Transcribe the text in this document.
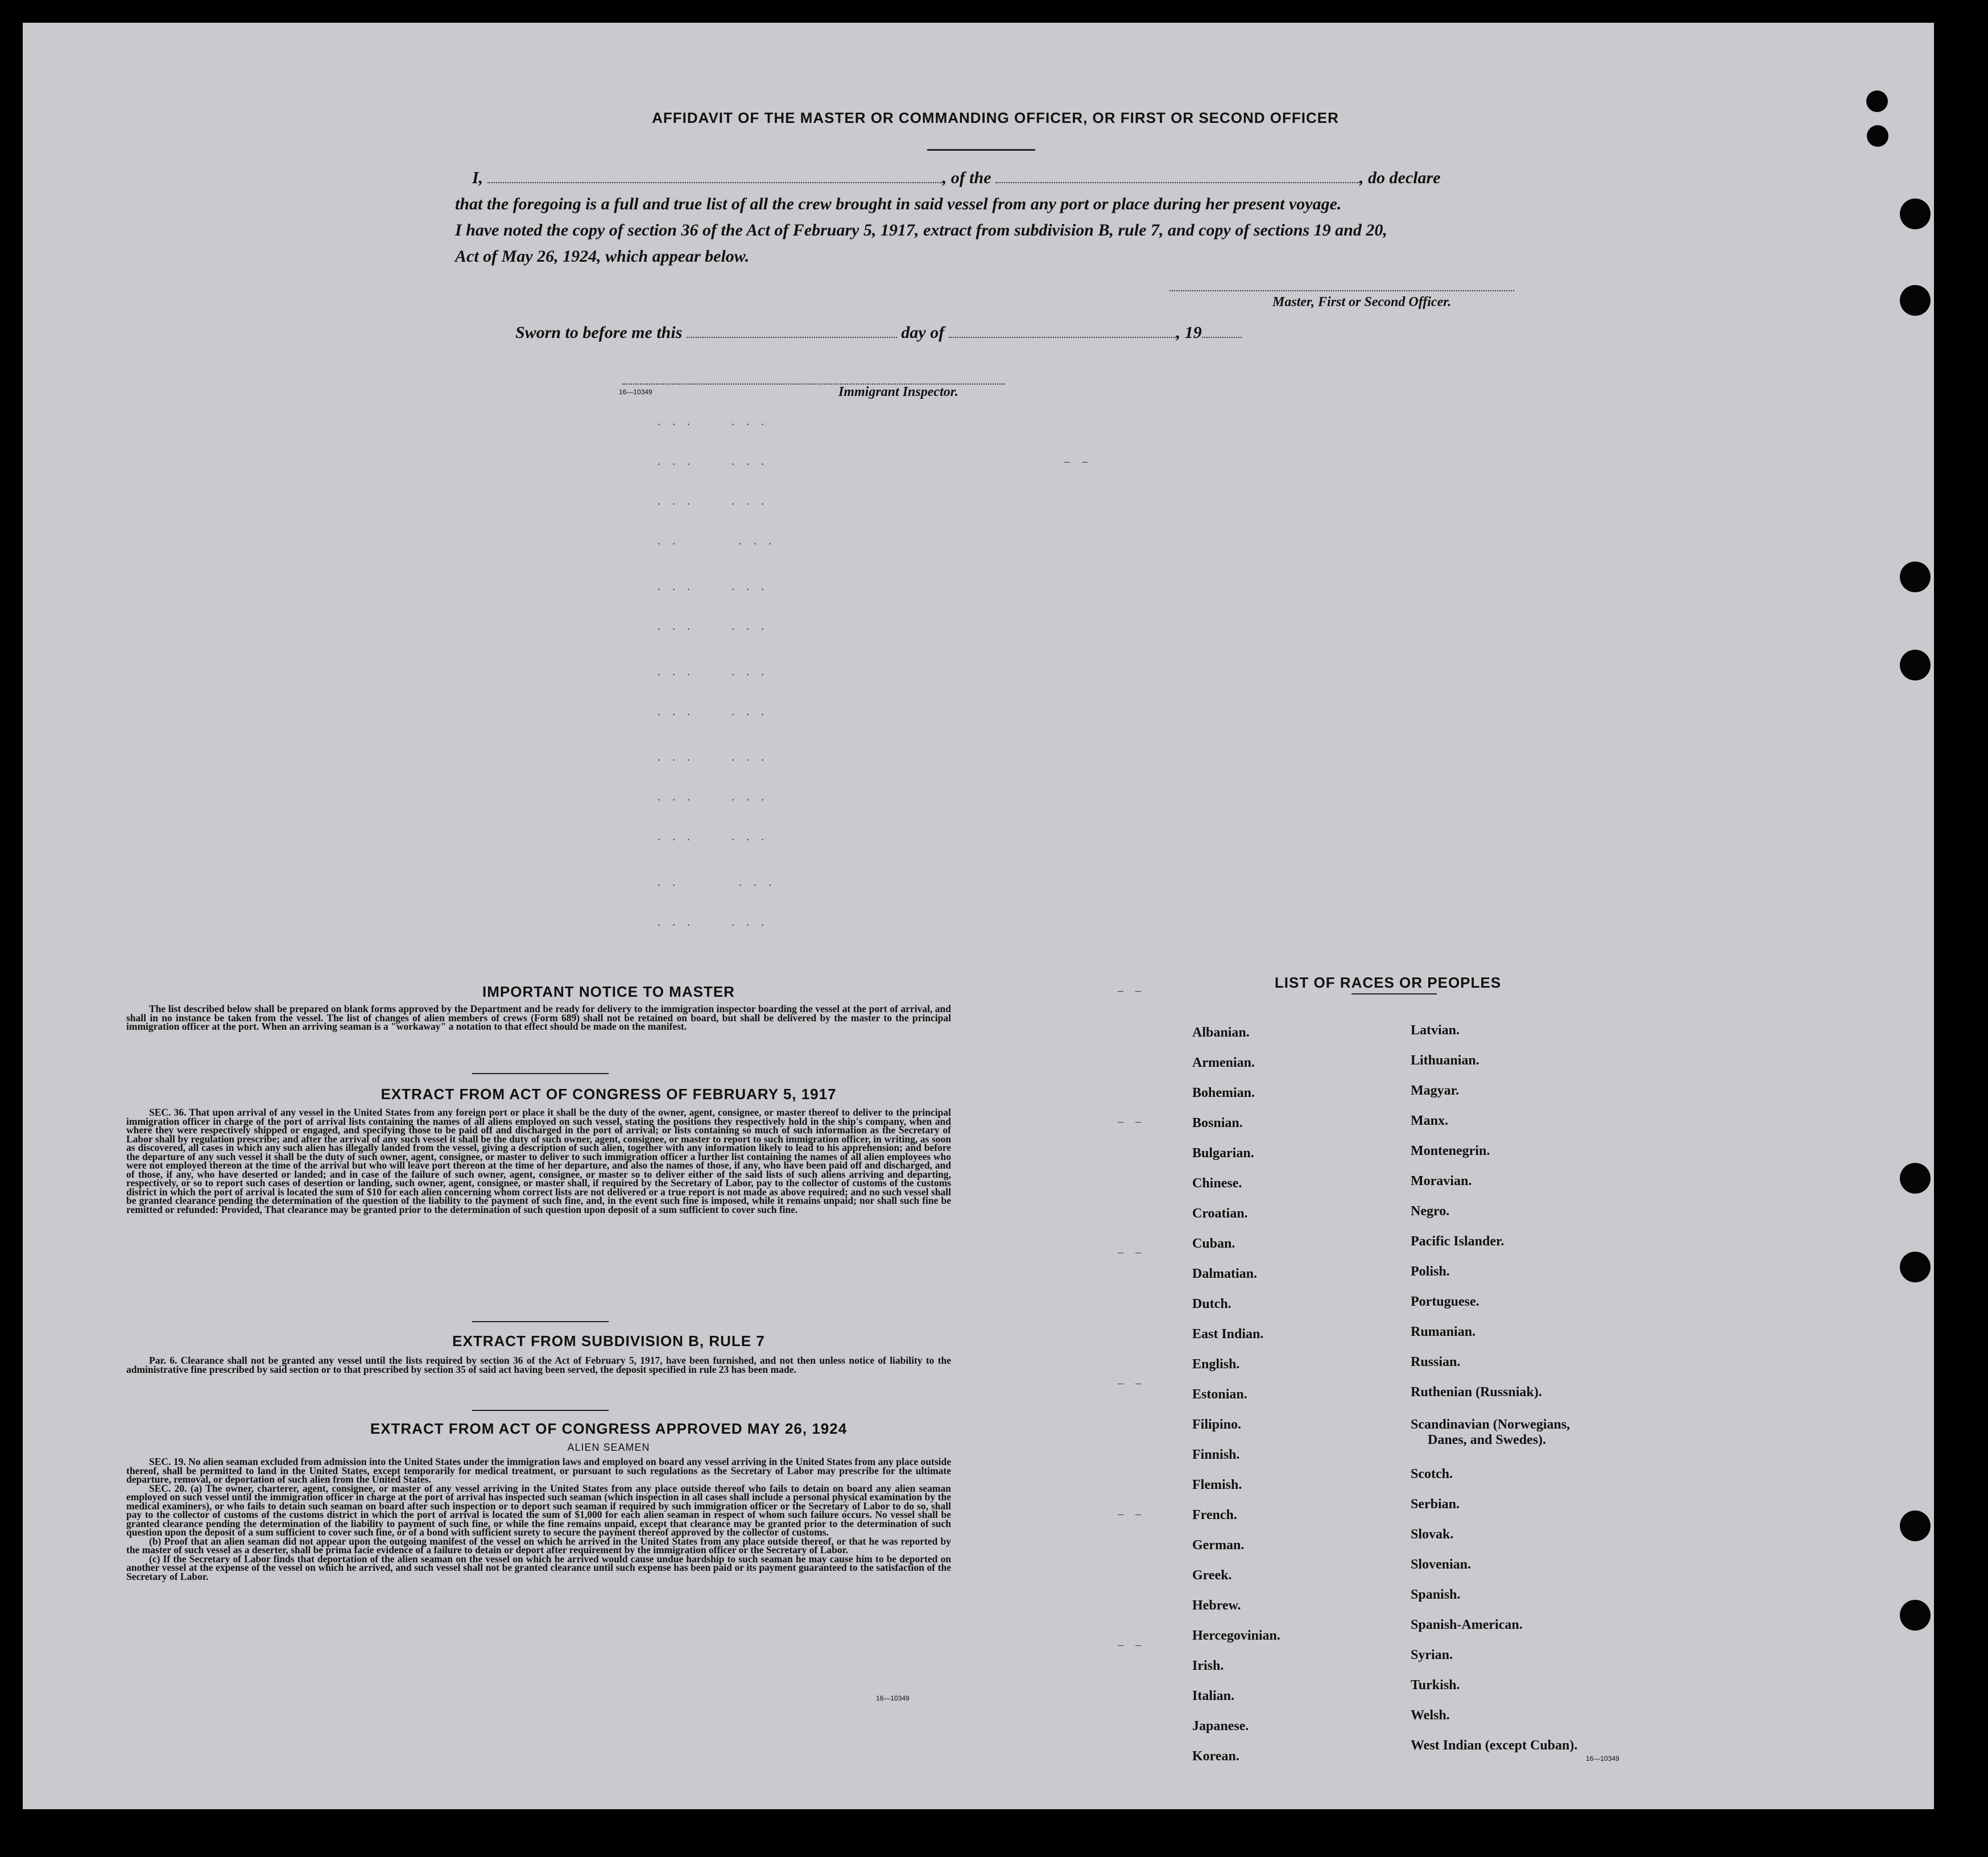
AFFIDAVIT OF THE MASTER OR COMMANDING OFFICER, OR FIRST OR SECOND OFFICER
I,	, of the	, do declare
that the foregoing is a full and true list of all the crew brought in said vessel from any port or place during her present voyage.
I have noted the copy of section 36 of the Act of February 5, 1917, extract from subdivision B, rule 7, and copy of sections 19 and 20,
Act of May 26, 1924, which appear below.
Master, First or Second Officer.
Sworn to before me this	day of	, 19
16—10349	Immigrant Inspector.
. . .     . . .
. . .     . . .                                        – –
. . .     . . .
. .        . . .
. . .     . . .
. . .     . . .
. . .     . . .
. . .     . . .
. . .     . . .
. . .     . . .
. . .     . . .
. .        . . .
. . .     . . .
– –
– –
– –
– –
– –
– –
IMPORTANT NOTICE TO MASTER

The list described below shall be prepared on blank forms approved by the Department and be ready for delivery to the immigration inspector boarding the vessel at the port of arrival, and shall in no instance be taken from the vessel. The list of changes of alien members of crews (Form 689) shall not be retained on board, but shall be delivered by the master to the principal immigration officer at the port. When an arriving seaman is a "workaway" a notation to that effect should be made on the manifest.

EXTRACT FROM ACT OF CONGRESS OF FEBRUARY 5, 1917

SEC. 36. That upon arrival of any vessel in the United States from any foreign port or place it shall be the duty of the owner, agent, consignee, or master thereof to deliver to the principal immigration officer in charge of the port of arrival lists containing the names of all aliens employed on such vessel, stating the positions they respectively hold in the ship's company, when and where they were respectively shipped or engaged, and specifying those to be paid off and discharged in the port of arrival; or lists containing so much of such information as the Secretary of Labor shall by regulation prescribe; and after the arrival of any such vessel it shall be the duty of such owner, agent, consignee, or master to report to such immigration officer, in writing, as soon as discovered, all cases in which any such alien has illegally landed from the vessel, giving a description of such alien, together with any information likely to lead to his apprehension; and before the departure of any such vessel it shall be the duty of such owner, agent, consignee, or master to deliver to such immigration officer a further list containing the names of all alien employees who were not employed thereon at the time of the arrival but who will leave port thereon at the time of her departure, and also the names of those, if any, who have been paid off and discharged, and of those, if any, who have deserted or landed; and in case of the failure of such owner, agent, consignee, or master so to deliver either of the said lists of such aliens arriving and departing, respectively, or so to report such cases of desertion or landing, such owner, agent, consignee, or master shall, if required by the Secretary of Labor, pay to the collector of customs of the customs district in which the port of arrival is located the sum of $10 for each alien concerning whom correct lists are not delivered or a true report is not made as above required; and no such vessel shall be granted clearance pending the determination of the question of the liability to the payment of such fine, and, in the event such fine is imposed, while it remains unpaid; nor shall such fine be remitted or refunded: Provided, That clearance may be granted prior to the determination of such question upon deposit of a sum sufficient to cover such fine.

EXTRACT FROM SUBDIVISION B, RULE 7

Par. 6. Clearance shall not be granted any vessel until the lists required by section 36 of the Act of February 5, 1917, have been furnished, and not then unless notice of liability to the administrative fine prescribed by said section or to that prescribed by section 35 of said act having been served, the deposit specified in rule 23 has been made.

EXTRACT FROM ACT OF CONGRESS APPROVED MAY 26, 1924
ALIEN SEAMEN

SEC. 19. No alien seaman excluded from admission into the United States under the immigration laws and employed on board any vessel arriving in the United States from any place outside thereof, shall be permitted to land in the United States, except temporarily for medical treatment, or pursuant to such regulations as the Secretary of Labor may prescribe for the ultimate departure, removal, or deportation of such alien from the United States.

SEC. 20. (a) The owner, charterer, agent, consignee, or master of any vessel arriving in the United States from any place outside thereof who fails to detain on board any alien seaman employed on such vessel until the immigration officer in charge at the port of arrival has inspected such seaman (which inspection in all cases shall include a personal physical examination by the medical examiners), or who fails to detain such seaman on board after such inspection or to deport such seaman if required by such immigration officer or the Secretary of Labor to do so, shall pay to the collector of customs of the customs district in which the port of arrival is located the sum of $1,000 for each alien seaman in respect of whom such failure occurs. No vessel shall be granted clearance pending the determination of the liability to payment of such fine, or while the fine remains unpaid, except that clearance may be granted prior to the determination of such question upon the deposit of a sum sufficient to cover such fine, or of a bond with sufficient surety to secure the payment thereof approved by the collector of customs.

(b) Proof that an alien seaman did not appear upon the outgoing manifest of the vessel on which he arrived in the United States from any place outside thereof, or that he was reported by the master of such vessel as a deserter, shall be prima facie evidence of a failure to detain or deport after requirement by the immigration officer or the Secretary of Labor.

(c) If the Secretary of Labor finds that deportation of the alien seaman on the vessel on which he arrived would cause undue hardship to such seaman he may cause him to be deported on another vessel at the expense of the vessel on which he arrived, and such vessel shall not be granted clearance until such expense has been paid or its payment guaranteed to the satisfaction of the Secretary of Labor.

16—10349
LIST OF RACES OR PEOPLES
Albanian.
Armenian.
Bohemian.
Bosnian.
Bulgarian.
Chinese.
Croatian.
Cuban.
Dalmatian.
Dutch.
East Indian.
English.
Estonian.
Filipino.
Finnish.
Flemish.
French.
German.
Greek.
Hebrew.
Hercegovinian.
Irish.
Italian.
Japanese.
Korean.
Latvian.
Lithuanian.
Magyar.
Manx.
Montenegrin.
Moravian.
Negro.
Pacific Islander.
Polish.
Portuguese.
Rumanian.
Russian.
Ruthenian (Russniak).
Scandinavian (Norwegians,
Danes, and Swedes).
Scotch.
Serbian.
Slovak.
Slovenian.
Spanish.
Spanish-American.
Syrian.
Turkish.
Welsh.
West Indian (except Cuban).
16—10349
